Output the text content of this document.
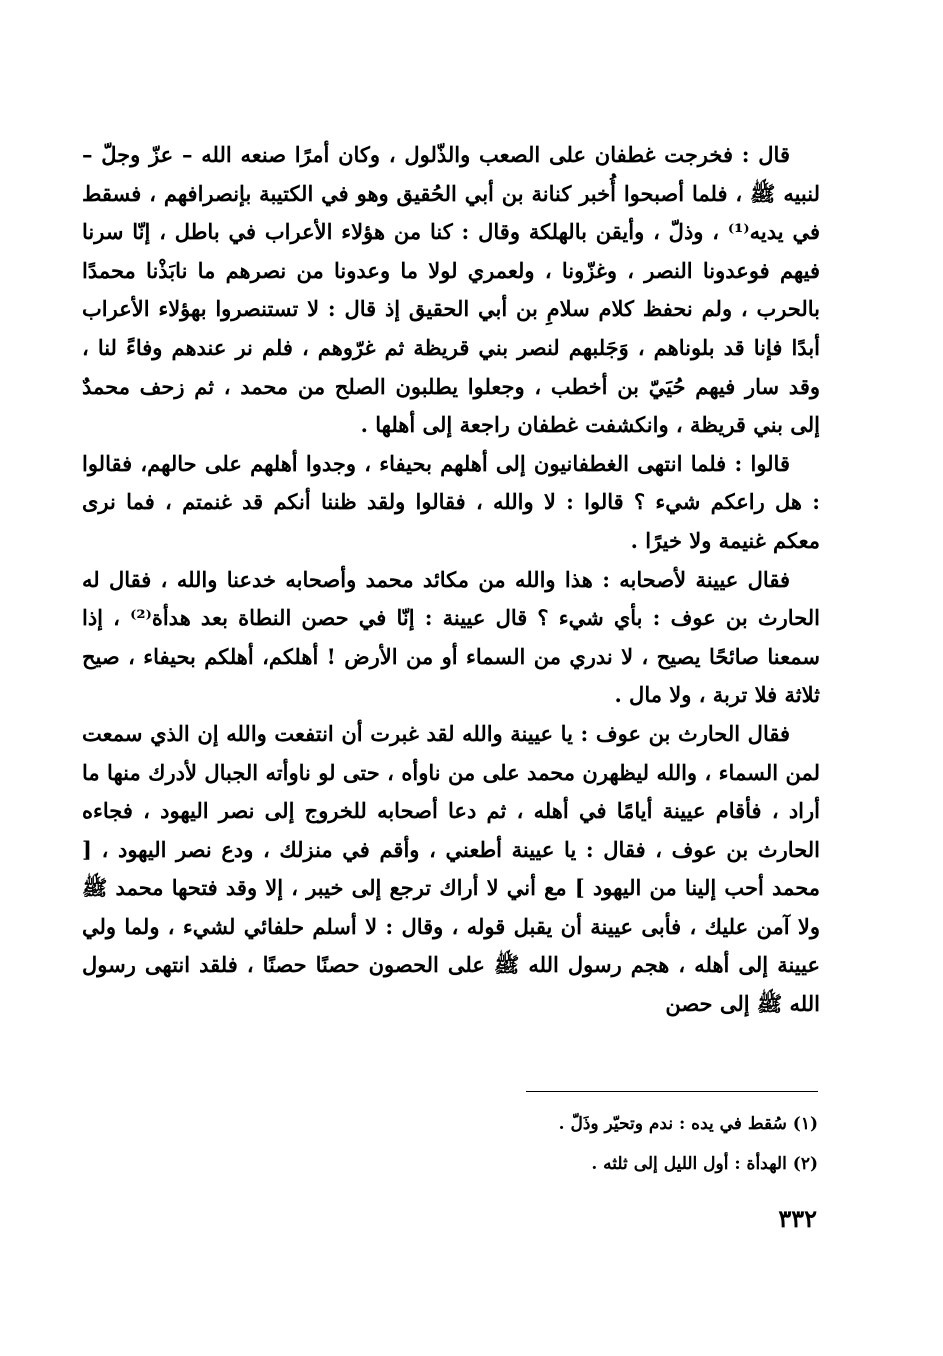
قال : فخرجت غطفان على الصعب والذّلول ، وكان أمرًا صنعه الله – عزّ وجلّ – لنبيه ﷺ ، فلما أصبحوا أُخبر كنانة بن أبي الحُقيق وهو في الكتيبة بإنصرافهم ، فسقط في يديه⁽¹⁾ ، وذلّ ، وأيقن بالهلكة وقال : كنا من هؤلاء الأعراب في باطل ، إنّا سرنا فيهم فوعدونا النصر ، وغزّونا ، ولعمري لولا ما وعدونا من نصرهم ما نابَذْنا محمدًا بالحرب ، ولم نحفظ كلام سلامِ بن أبي الحقيق إذ قال : لا تستنصروا بهؤلاء الأعراب أبدًا فإنا قد بلوناهم ، وَجَلبهم لنصر بني قريظة ثم غرّوهم ، فلم نر عندهم وفاءً لنا ، وقد سار فيهم حُيَيّ بن أخطب ، وجعلوا يطلبون الصلح من محمد ، ثم زحف محمدٌ إلى بني قريظة ، وانكشفت غطفان راجعة إلى أهلها .

قالوا : فلما انتهى الغطفانيون إلى أهلهم بحيفاء ، وجدوا أهلهم على حالهم، فقالوا : هل راعكم شيء ؟ قالوا : لا والله ، فقالوا ولقد ظننا أنكم قد غنمتم ، فما نرى معكم غنيمة ولا خيرًا .

فقال عيينة لأصحابه : هذا والله من مكائد محمد وأصحابه خدعنا والله ، فقال له الحارث بن عوف : بأي شيء ؟ قال عيينة : إنّا في حصن النطاة بعد هدأة⁽²⁾ ، إذا سمعنا صائحًا يصيح ، لا ندري من السماء أو من الأرض ! أهلكم، أهلكم بحيفاء ، صيح ثلاثة فلا تربة ، ولا مال .

فقال الحارث بن عوف : يا عيينة والله لقد غبرت أن انتفعت والله إن الذي سمعت لمن السماء ، والله ليظهرن محمد على من ناوأه ، حتى لو ناوأته الجبال لأدرك منها ما أراد ، فأقام عيينة أيامًا في أهله ، ثم دعا أصحابه للخروج إلى نصر اليهود ، فجاءه الحارث بن عوف ، فقال : يا عيينة أطعني ، وأقم في منزلك ، ودع نصر اليهود ، [ محمد أحب إلينا من اليهود ] مع أني لا أراك ترجع إلى خيبر ، إلا وقد فتحها محمد ﷺ ولا آمن عليك ، فأبى عيينة أن يقبل قوله ، وقال : لا أسلم حلفائي لشيء ، ولما ولي عيينة إلى أهله ، هجم رسول الله ﷺ على الحصون حصنًا حصنًا ، فلقد انتهى رسول الله ﷺ إلى حصن

(١) سُقط في يده : ندم وتحيّر وذَلّ .
(٢) الهدأة : أول الليل إلى ثلثه .
٣٣٢
